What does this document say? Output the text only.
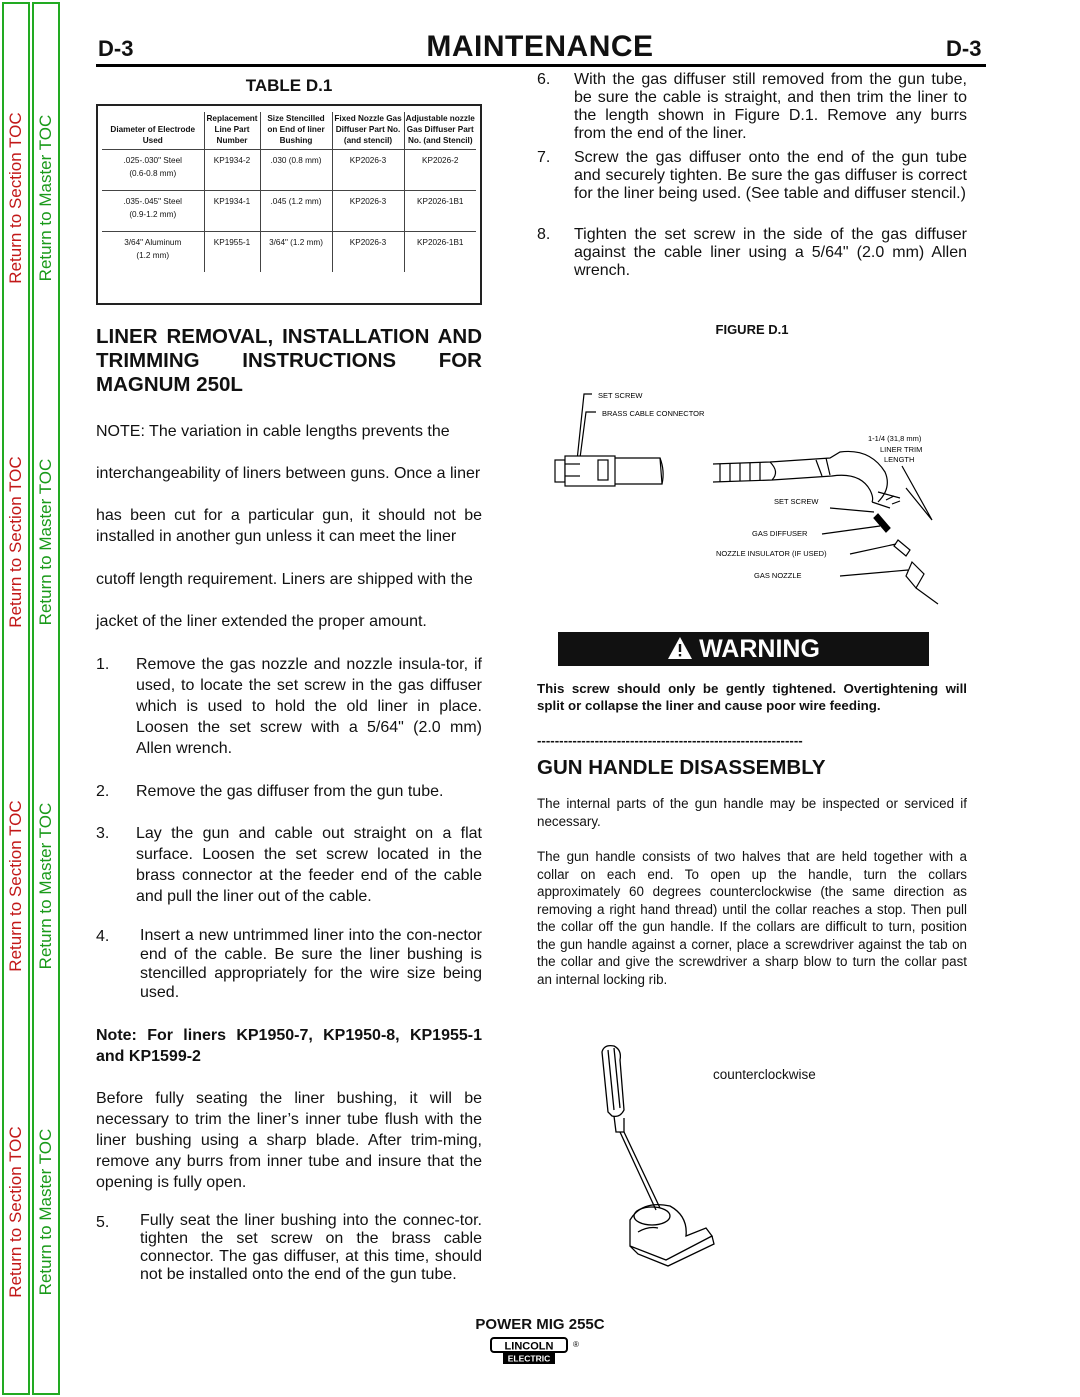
Return to Section TOC
Return to Section TOC
Return to Section TOC
Return to Section TOC
Return to Master TOC
Return to Master TOC
Return to Master TOC
Return to Master TOC
D-3	MAINTENANCE	D-3
TABLE D.1
Diameter of Electrode Used	Replacement Line Part Number	Size Stencilled on End of liner Bushing	Fixed Nozzle Gas Diffuser Part No. (and stencil)	Adjustable nozzle Gas Diffuser Part No. (and Stencil)
.025-.030" Steel
(0.6-0.8 mm)	KP1934-2	.030 (0.8 mm)	KP2026-3	KP2026-2
.035-.045" Steel
(0.9-1.2 mm)	KP1934-1	.045 (1.2 mm)	KP2026-3	KP2026-1B1
3/64" Aluminum
(1.2 mm)	KP1955-1	3/64" (1.2 mm)	KP2026-3	KP2026-1B1
LINER REMOVAL, INSTALLATION AND TRIMMING INSTRUCTIONS FOR MAGNUM 250L
NOTE: The variation in cable lengths prevents the
interchangeability of liners between guns. Once a liner
has been cut for a particular gun, it should not be installed in another gun unless it can meet the liner
cutoff length requirement. Liners are shipped with the
jacket of the liner extended the proper amount.
1. Remove the gas nozzle and nozzle insula-tor, if used, to locate the set screw in the gas diffuser which is used to hold the old liner in place. Loosen the set screw with a 5/64" (2.0 mm) Allen wrench.
2. Remove the gas diffuser from the gun tube.
3. Lay the gun and cable out straight on a flat surface. Loosen the set screw located in the brass connector at the feeder end of the cable and pull the liner out of the cable.
4. Insert a new untrimmed liner into the con-nector end of the cable. Be sure the liner bushing is stencilled appropriately for the wire size being used.
Note: For liners KP1950-7, KP1950-8, KP1955-1 and KP1599-2
Before fully seating the liner bushing, it will be necessary to trim the liner’s inner tube flush with the liner bushing using a sharp blade. After trim-ming, remove any burrs from inner tube and insure that the opening is fully open.
5. Fully seat the liner bushing into the connec-tor. tighten the set screw on the brass cable connector. The gas diffuser, at this time, should not be installed onto the end of the gun tube.
6. With the gas diffuser still removed from the gun tube, be sure the cable is straight, and then trim the liner to the length shown in Figure D.1. Remove any burrs from the end of the liner.
7. Screw the gas diffuser onto the end of the gun tube and securely tighten. Be sure the gas diffuser is correct for the liner being used. (See table and diffuser stencil.)
8. Tighten the set screw in the side of the gas diffuser against the cable liner using a 5/64" (2.0 mm) Allen wrench.
FIGURE D.1
SET SCREW
BRASS CABLE CONNECTOR
1-1/4 (31,8 mm)
LINER TRIM
LENGTH
SET SCREW
GAS DIFFUSER
NOZZLE INSULATOR (IF USED)
GAS NOZZLE
WARNING
This screw should only be gently tightened. Overtightening will split or collapse the liner and cause poor wire feeding.
------------------------------------------------------------
GUN HANDLE DISASSEMBLY
The internal parts of the gun handle may be inspected or serviced if necessary.
The gun handle consists of two halves that are held together with a collar on each end. To open up the handle, turn the collars approximately 60 degrees counterclockwise (the same direction as removing a right hand thread) until the collar reaches a stop. Then pull the collar off the gun handle. If the collars are difficult to turn, position the gun handle against a corner, place a screwdriver against the tab on the collar and give the screwdriver a sharp blow to turn the collar past an internal locking rib.
counterclockwise
POWER MIG 255C
LINCOLN ®
ELECTRIC
